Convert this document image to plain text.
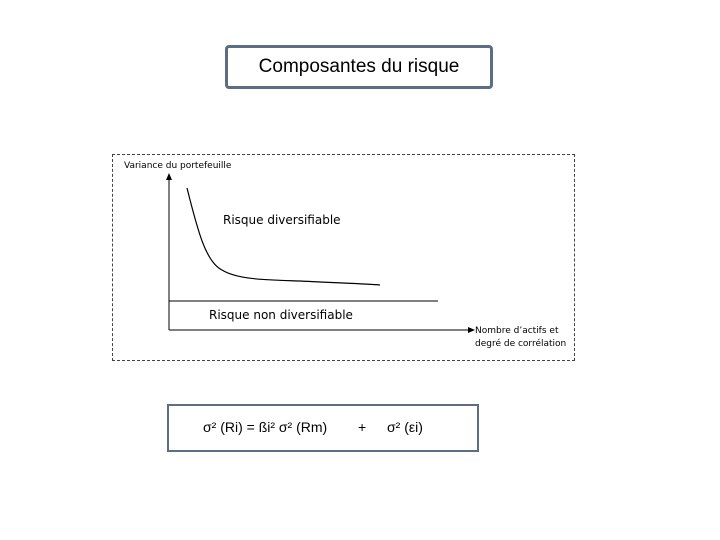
Composantes du risque
Variance du portefeuille
Risque diversifiable
Risque non diversifiable
Nombre d’actifs et degré de corrélation
σ² (Ri) = ßi² σ² (Rm) + σ² (εi)
